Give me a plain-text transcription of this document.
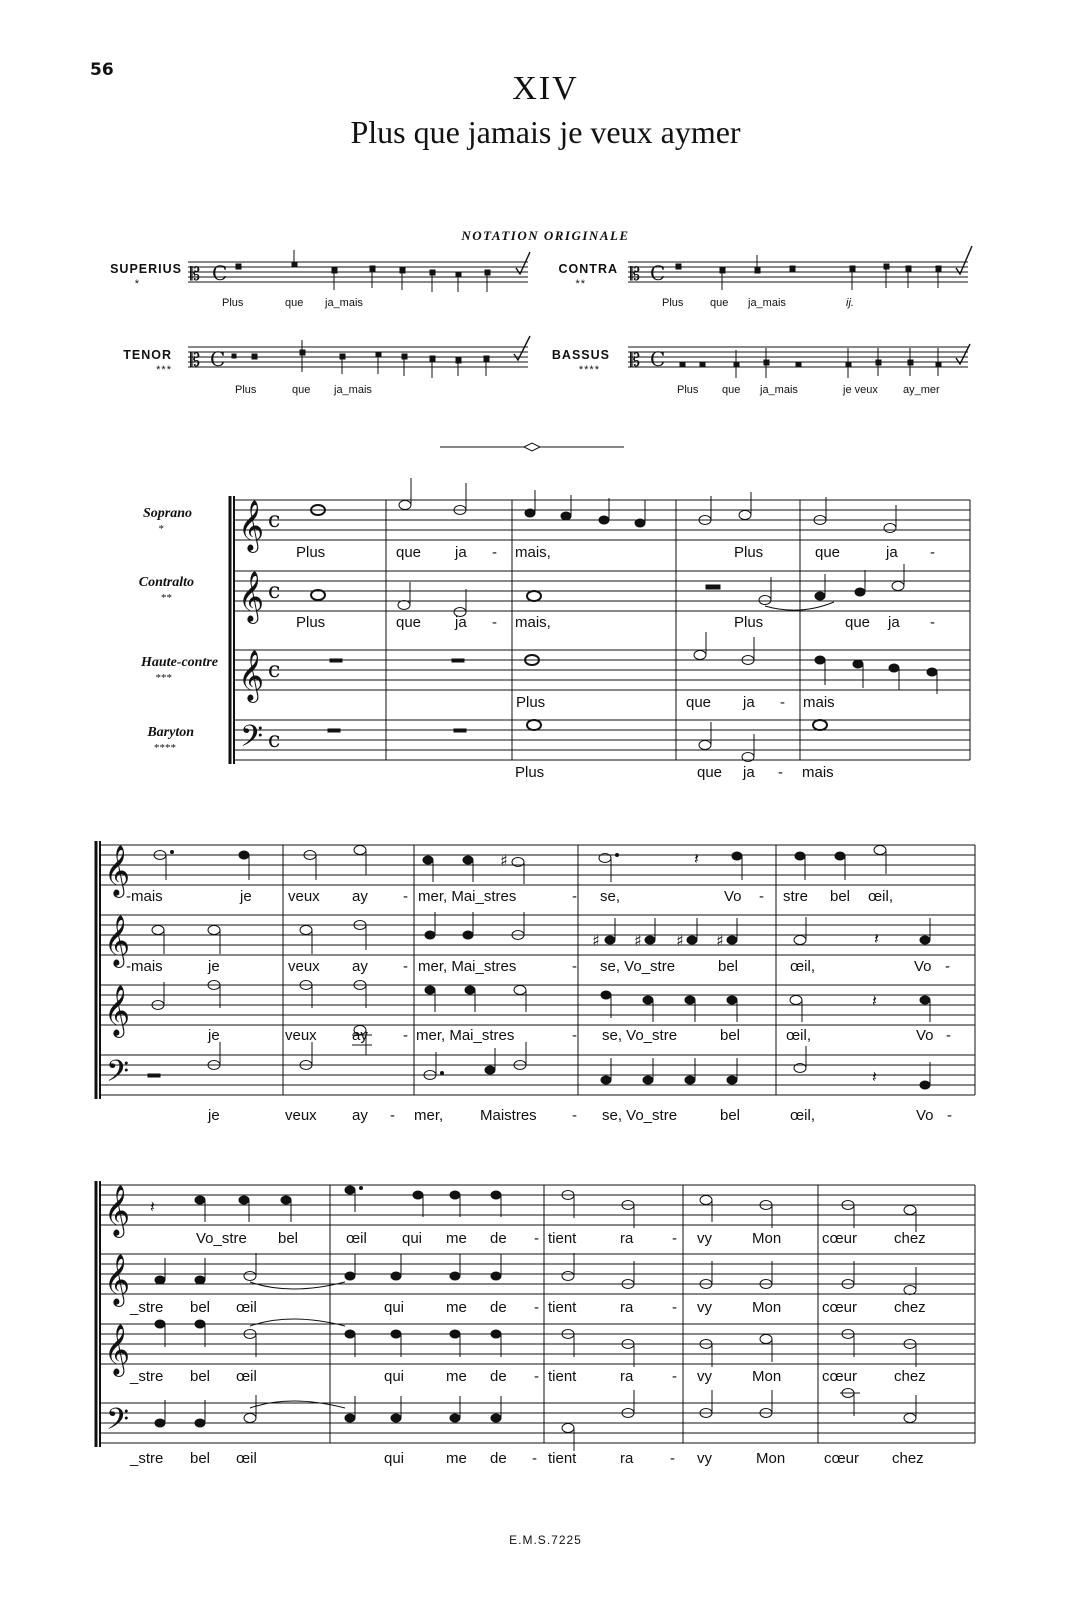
56	XIV
Plus que jamais je veux aymer
NOTATION ORIGINALE
SUPERIUS
*
CONTRA
**
TENOR
***
BASSUS
****
Plus	que ja_mais	Plus que ja_mais	ij.
Plus	que ja_mais	Plus que ja_mais	je veux ay_mer
Soprano
*
Contralto
**
Haute-contre
***
Baryton
****
𝄡 C	𝄡 C
𝄡 C	𝄡 C
𝄞
𝄞
𝄞
𝄢
c
c
c
c
𝄞
𝄞
𝄞
𝄢
♯	𝄽
♯ ♯ ♯ ♯	𝄽
𝄽
𝄽
𝄞
𝄞
𝄞
𝄢
𝄽
Plus	que ja - mais,	Plus	que	ja -
Plus	que ja - mais,	Plus	que ja -
Plus	que ja - mais
Plus	que ja - mais
-mais	je veux ay - mer, Mai_stres	- se,	Vo - stre bel œil,
-mais	je	veux ay - mer, Mai_stres	- se, Vo_stre	bel	œil,	Vo -
je	veux ay - mer, Mai_stres	- se, Vo_stre	bel	œil,	Vo -
je	veux ay - mer, Maistres - se, Vo_stre	bel	œil,	Vo -
Vo_stre bel	œil qui me de - tient	ra	- vy	Mon	cœur chez
_stre bel œil	qui	me de - tient	ra	- vy	Mon	cœur chez
_stre bel œil	qui	me de - tient	ra	- vy	Mon	cœur chez
_stre bel œil	qui	me de - tient	ra - vy	Mon	cœur chez
E.M.S.7225
